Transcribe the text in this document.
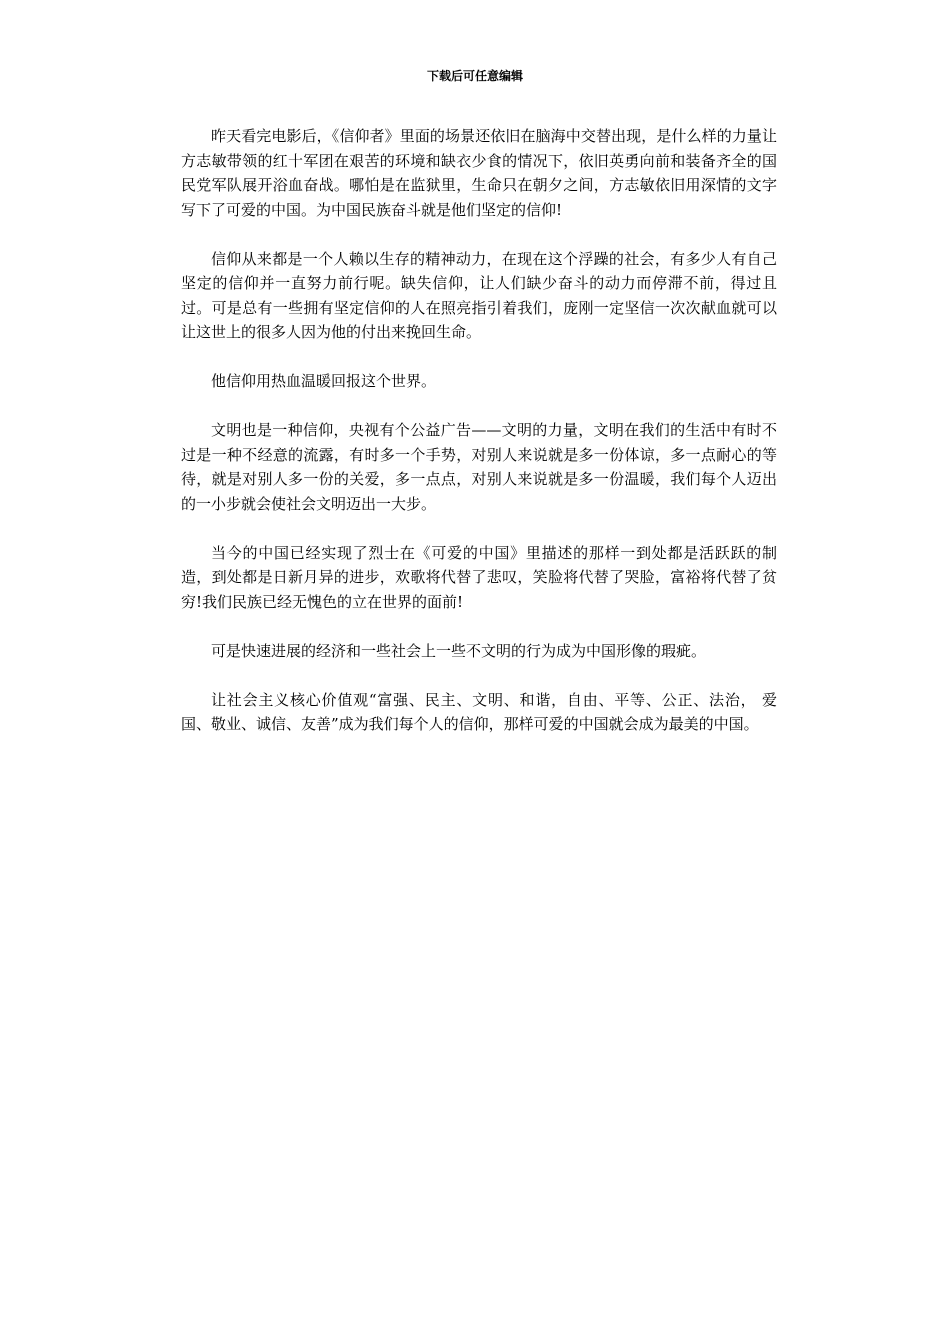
下载后可任意编辑

昨天看完电影后，《信仰者》里面的场景还依旧在脑海中交替出现，是什么样的力量让方志敏带领的红十军团在艰苦的环境和缺衣少食的情况下，依旧英勇向前和装备齐全的国民党军队展开浴血奋战。哪怕是在监狱里，生命只在朝夕之间，方志敏依旧用深情的文字写下了可爱的中国。为中国民族奋斗就是他们坚定的信仰!

信仰从来都是一个人赖以生存的精神动力，在现在这个浮躁的社会，有多少人有自己坚定的信仰并一直努力前行呢。缺失信仰，让人们缺少奋斗的动力而停滞不前，得过且过。可是总有一些拥有坚定信仰的人在照亮指引着我们，庞刚一定坚信一次次献血就可以让这世上的很多人因为他的付出来挽回生命。

他信仰用热血温暖回报这个世界。

文明也是一种信仰，央视有个公益广告——文明的力量，文明在我们的生活中有时不过是一种不经意的流露，有时多一个手势，对别人来说就是多一份体谅，多一点耐心的等待，就是对别人多一份的关爱，多一点点，对别人来说就是多一份温暖，我们每个人迈出的一小步就会使社会文明迈出一大步。

当今的中国已经实现了烈士在《可爱的中国》里描述的那样一到处都是活跃跃的制造，到处都是日新月异的进步，欢歌将代替了悲叹，笑脸将代替了哭脸，富裕将代替了贫穷!我们民族已经无愧色的立在世界的面前!

可是快速进展的经济和一些社会上一些不文明的行为成为中国形像的瑕疵。

让社会主义核心价值观“富强、民主、文明、和谐，自由、平等、公正、法治， 爱国、敬业、诚信、友善”成为我们每个人的信仰，那样可爱的中国就会成为最美的中国。
